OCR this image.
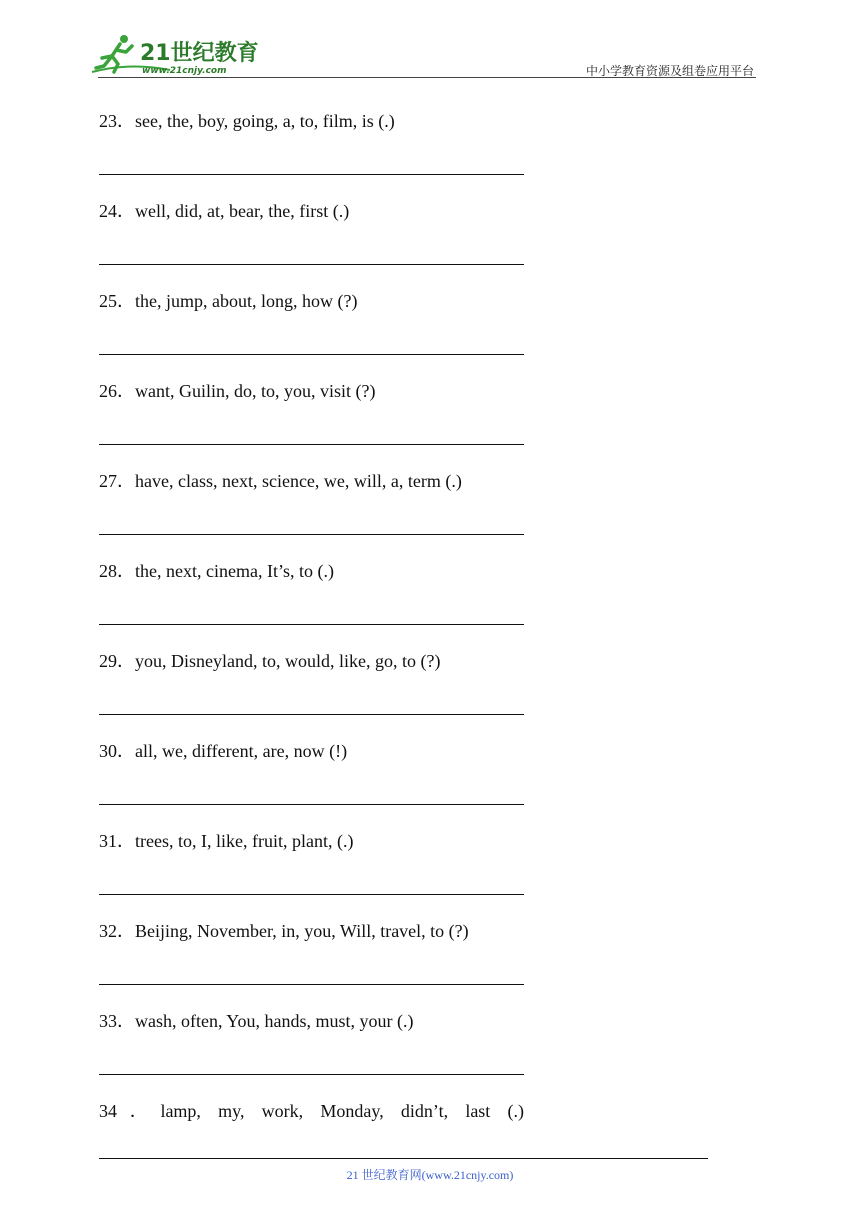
21世纪教育
www.21cnjy.com	中小学教育资源及组卷应用平台
23．see, the, boy, going, a, to, film, is (.)
24．well, did, at, bear, the, first (.)
25．the, jump, about, long, how (?)
26．want, Guilin, do, to, you, visit (?)
27．have, class, next, science, we, will, a, term (.)
28．the, next, cinema, It’s, to (.)
29．you, Disneyland, to, would, like, go, to (?)
30．all, we, different, are, now (!)
31．trees, to, I, like, fruit, plant, (.)
32．Beijing, November, in, you, Will, travel, to (?)
33．wash, often, You, hands, must, your (.)
34．lamp, my, work, Monday, didn’t, last (.)
21 世纪教育网(www.21cnjy.com)
